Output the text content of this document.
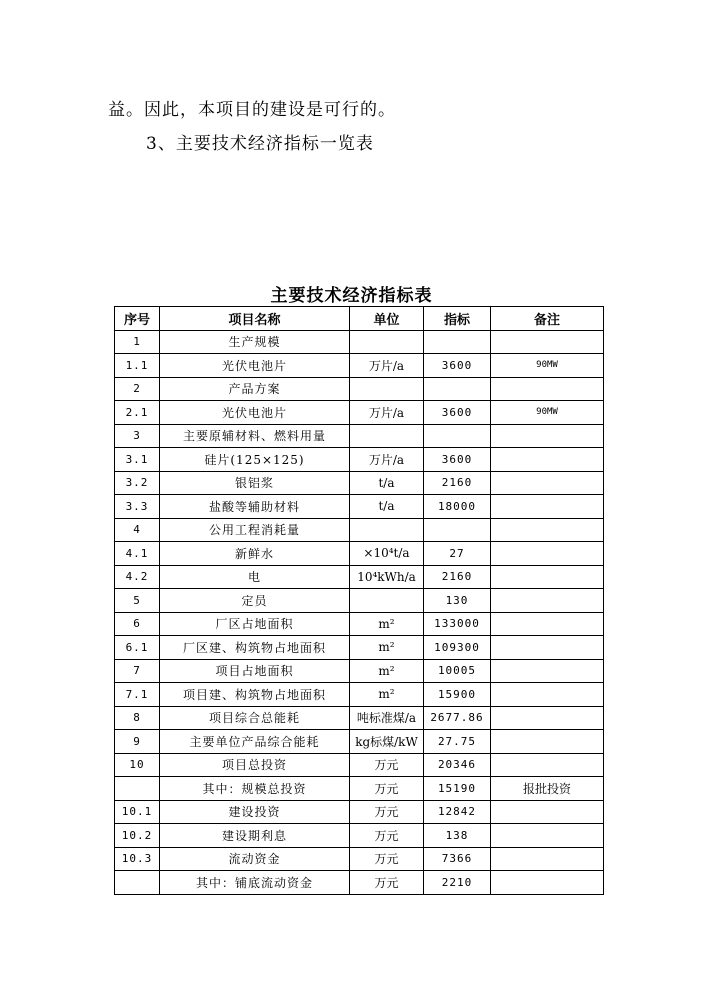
益。因此，本项目的建设是可行的。
3、主要技术经济指标一览表
主要技术经济指标表
序号	项目名称	单位	指标	备注
1	生产规模			
1.1	光伏电池片	万片/a	3600	90MW
2	产品方案			
2.1	光伏电池片	万片/a	3600	90MW
3	主要原辅材料、燃料用量			
3.1	硅片(125×125)	万片/a	3600	
3.2	银铝浆	t/a	2160	
3.3	盐酸等辅助材料	t/a	18000	
4	公用工程消耗量			
4.1	新鲜水	×10⁴t/a	27	
4.2	电	10⁴kWh/a	2160	
5	定员		130	
6	厂区占地面积	m²	133000	
6.1	厂区建、构筑物占地面积	m²	109300	
7	项目占地面积	m²	10005	
7.1	项目建、构筑物占地面积	m²	15900	
8	项目综合总能耗	吨标准煤/a	2677.86	
9	主要单位产品综合能耗	kg标煤/kW	27.75	
10	项目总投资	万元	20346	
	其中：规模总投资	万元	15190	报批投资
10.1	建设投资	万元	12842	
10.2	建设期利息	万元	138	
10.3	流动资金	万元	7366	
	其中：铺底流动资金	万元	2210	
